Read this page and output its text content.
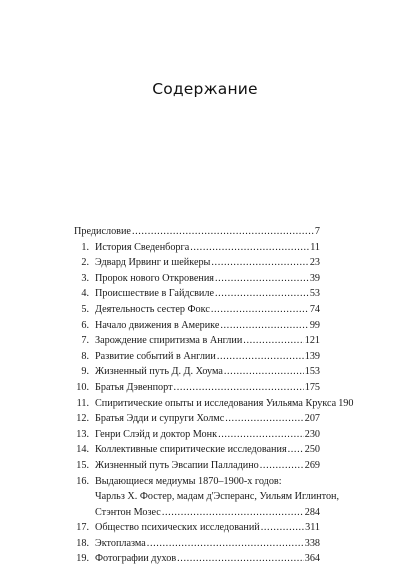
Содержание
Предисловие .....	7
1. История Сведенборга .....	11
2. Эдвард Ирвинг и шейкеры .....	23
3. Пророк нового Откровения .....	39
4. Происшествие в Гайдсвиле .....	53
5. Деятельность сестер Фокс .....	74
6. Начало движения в Америке .....	99
7. Зарождение спиритизма в Англии .....	121
8. Развитие событий в Англии .....	139
9. Жизненный путь Д. Д. Хоума .....	153
10. Братья Дэвенпорт .....	175
11. Спиритические опыты и исследования Уильяма Крукса 190
12. Братья Эдди и супруги Холмс .....	207
13. Генри Слэйд и доктор Монк .....	230
14. Коллективные спиритические исследования ..... 250
15. Жизненный путь Эвсапии Палладино .....	269
16. Выдающиеся медиумы 1870–1900-х годов:
Чарльз Х. Фостер, мадам д'Эсперанс, Уильям Иглинтон,
Стэнтон Мозес .....	284
17. Общество психических исследований .....	311
18. Эктоплазма .....	338
19. Фотографии духов .....	364
